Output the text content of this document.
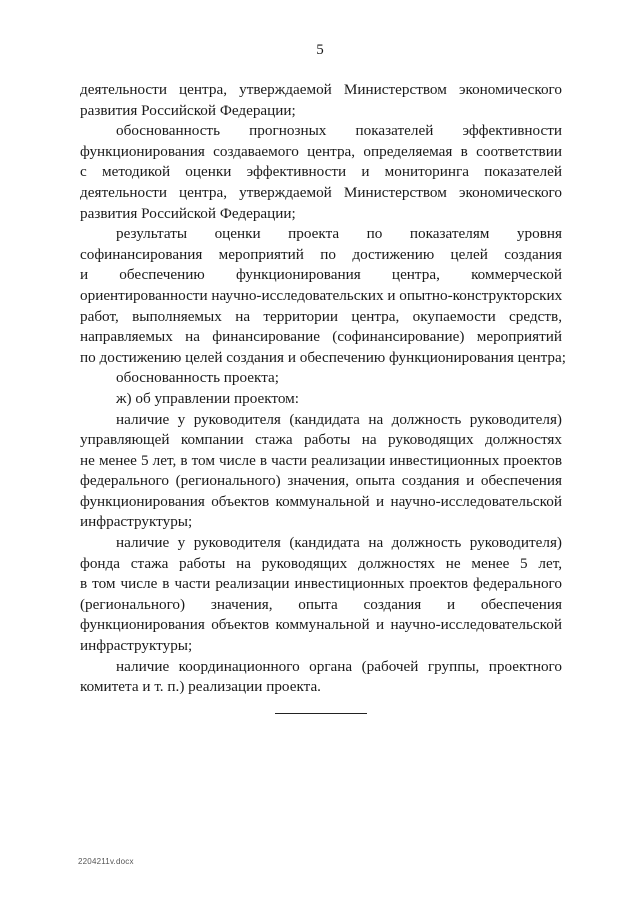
5
деятельности центра, утверждаемой Министерством экономического
развития Российской Федерации;
обоснованность прогнозных показателей эффективности
функционирования создаваемого центра, определяемая в соответствии
с методикой оценки эффективности и мониторинга показателей
деятельности центра, утверждаемой Министерством экономического
развития Российской Федерации;
результаты оценки проекта по показателям уровня
софинансирования мероприятий по достижению целей создания
и обеспечению функционирования центра, коммерческой
ориентированности научно-исследовательских и опытно-конструкторских
работ, выполняемых на территории центра, окупаемости средств,
направляемых на финансирование (софинансирование) мероприятий
по достижению целей создания и обеспечению функционирования центра;
обоснованность проекта;
ж) об управлении проектом:
наличие у руководителя (кандидата на должность руководителя)
управляющей компании стажа работы на руководящих должностях
не менее 5 лет, в том числе в части реализации инвестиционных проектов
федерального (регионального) значения, опыта создания и обеспечения
функционирования объектов коммунальной и научно-исследовательской
инфраструктуры;
наличие у руководителя (кандидата на должность руководителя)
фонда стажа работы на руководящих должностях не менее 5 лет,
в том числе в части реализации инвестиционных проектов федерального
(регионального) значения, опыта создания и обеспечения
функционирования объектов коммунальной и научно-исследовательской
инфраструктуры;
наличие координационного органа (рабочей группы, проектного
комитета и т. п.) реализации проекта.
2204211v.docx
